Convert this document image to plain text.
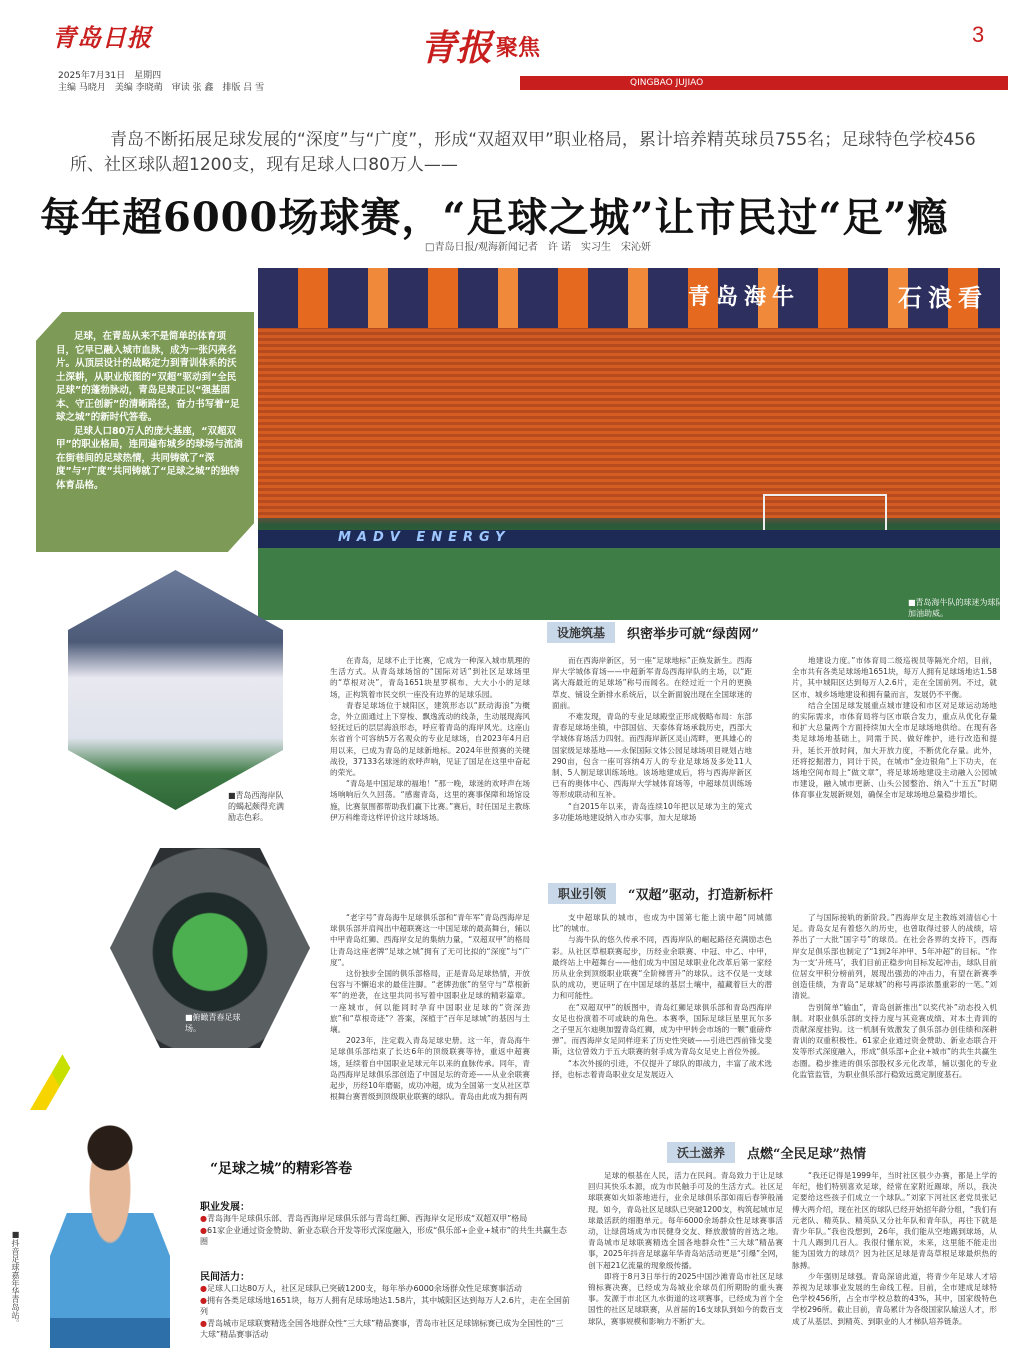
青岛日报
2025年7月31日　星期四
主编 马晓月　美编 李晓萌　审读 张 鑫　排版 吕 雪
青报 聚焦
QINGBAO JUJIAO
3
青岛不断拓展足球发展的“深度”与“广度”，形成“双超双甲”职业格局，累计培养精英球员755名；足球特色学校456所、社区球队超1200支，现有足球人口80万人——
每年超6000场球赛，“足球之城”让市民过“足”瘾
□青岛日报/观海新闻记者　许 诺　实习生　宋沁妍
青岛海牛	石浪看
MADV ENERGY
■青岛海牛队的球迷为球队加油助威。

足球，在青岛从来不是简单的体育项目，它早已融入城市血脉，成为一张闪亮名片。从顶层设计的战略定力到青训体系的沃土深耕，从职业版图的“双超”驱动到“全民足球”的蓬勃脉动，青岛足球正以“强基固本、守正创新”的清晰路径，奋力书写着“足球之城”的新时代答卷。

足球人口80万人的庞大基座，“双超双甲”的职业格局，连同遍布城乡的球场与流淌在街巷间的足球热情，共同铸就了“深度”与“广度”共同铸就了“足球之城”的独特体育品格。

■青岛西海岸队的蝎起颇得充满励志色彩。
■俯瞰青春足球场。
设施筑基	织密举步可就“绿茵网”

在青岛，足球不止于比赛，它成为一种深入城市肌理的生活方式。从青岛球场馆的“国际对话”到社区足球场里的“草根对决”，青岛1651块星罗棋布、大大小小的足球场，正构筑着市民交织一座没有边界的足球乐园。

青春足球场位于城阳区，建筑形态以“跃动海浪”为概念，外立面通过上下穿梭、飘逸流动的线条，生动展现海风轻抚过后的层层海浪形态，呼应着青岛的海岸风光。这座山东省首个可容纳5万名观众的专业足球场，自2023年4月启用以来，已成为青岛的足球新地标。2024年世预赛的关键战役，37133名球迷的欢呼声响，见证了国足在这里中奋起的荣光。

“青岛是中国足球的福地！”那一晚，球迷的欢呼声在场场响响后久久回荡。“感谢青岛，这里的赛事保障和场馆设施，比赛氛围都帮助我们赢下比赛。”赛后，时任国足主教练伊万科维奇这样评价这片球场场。

而在西海岸新区，另一座“足球地标”正焕发新生。西海岸大学城体育场——中超新军青岛西海岸队的主场，以“距离大海最近的足球场”称号而闻名。在经过近一个月的更换草皮、铺设全新排水系统后，以全新面貌出现在全国球迷的面前。

不难发现，青岛的专业足球殿堂正形成极略布局：东部青春足球场坐镇，中部国信、天泰体育场承载历史，西部大学城体育场活力四射。而西海岸新区灵山湾畔，更具雄心的国家级足球基地——永保国际文体公园足球场项目规划占地290亩，包含一座可容纳4万人的专业足球场及多处11人制、5人制足球训练场地。该场地建成后，将与西海岸新区已有的奥体中心、西海岸大学城体育场等，中超球员训练场等形成联动和互补。

“自2015年以来，青岛连续10年把以足球为主的笼式多功能场地建设纳入市办实事，加大足球场

地建设力度。”市体育局二级巡视员等隔光介绍，目前，全市共有各类足球场地1651块，每万人拥有足球场地达1.58片，其中城阳区达到每万人2.6片，走在全国前列。不过，就区市、城乡场地建设和拥有量而言，发展仍不平衡。

结合全国足球发展重点城市建设和市区对足球运动场地的实际需求，市体育局将与区市联合发力，重点从优化存量和扩大总量两个方面持续加大全市足球场地供给。在现有各类足球场地基础上，同需于民、做好维护，进行改造和提升，延长开放时间，加大开放力度，不断优化存量。此外，还将挖掘潜力，同计于民，在城市“金边银角”上下功夫，在场地空间布局上“做文章”，将足球场地建设主动融入公园城市建设，融入城市更新、山头公园整治、纳入“十五五”时期体育事业发展新规划，确保全市足球场地总量稳步增长。

职业引领	“双超”驱动，打造新标杆

“老字号”青岛海牛足球俱乐部和“青年军”青岛西海岸足球俱乐部并肩闯出中超联赛这一中国足球的最高舞台，辅以中甲青岛红狮、西海岸女足的集纳力量，“双超双甲”的格局让青岛这座老牌“足球之城”拥有了无可比拟的“深度”与“广度”。

这份独步全国的俱乐部格局，正是青岛足球热情，开放包容与不懈追求的最佳注脚。“老牌劲旅”的坚守与“草根新军”的逆袭，在这里共同书写着中国职业足球的精彩篇章。一座城市，何以能同时孕育中国职业足球的“资深劲旅”和“草根奇迹”？答案，深植于“百年足球城”的基因与土壤。

2023年，注定载入青岛足球史册。这一年，青岛海牛足球俱乐部结束了长达6年的顶级联赛等待，重返中超赛场，延续着自中国职业足球元年以来的血脉传承。同年，青岛西海岸足球俱乐部创造了中国足坛的奇迹——从业余联赛起步，历经10年磨砺，成功冲超，成为全国第一支从社区草根舞台赛晋级到顶级职业联赛的球队。青岛由此成为拥有两

支中超球队的城市，也成为中国第七能上演中超“同城德比”的城市。

与海牛队的悠久传承不同，西海岸队的崛起路径充满励志色彩。从社区草根联赛起步，历经业余联赛、中冠、中乙、中甲，最终站上中超舞台——他们成为中国足球职业化改革后第一家经历从业余到顶级职业联赛“全阶梯晋升”的球队。这不仅是一支球队的成功，更证明了在中国足球的基层土壤中，蕴藏着巨大的潜力和可能性。

在“双超双甲”的版图中，青岛红狮足球俱乐部和青岛西海岸女足也扮演着不可或缺的角色。本赛季，国际足球巨星里瓦尔多之子里瓦尔迪奥加盟青岛红狮，成为中甲转会市场的一颗“重磅炸弹”。而西海岸女足同样迎来了历史性突破——引进巴西前锋戈斐斯，这位曾效力于五大联赛的射手成为青岛女足史上首位外援。

“本次外援的引进，不仅提升了球队的即战力，丰富了战术选择，也标志着青岛职业女足发展迈入

了与国际接轨的新阶段。”西海岸女足主教练刘清信心十足。青岛女足有着悠久的历史，也曾取得过骄人的战绩，培养出了一大批“国字号”的球员。在社会各界的支持下，西海岸女足俱乐部也制定了“1到2年冲甲、5年冲超”的目标。“作为一支‘升班马’，我们目前正稳步向目标发起冲击，球队目前位居女甲积分榜前列，展现出强劲的冲击力，有望在新赛季创造佳绩，为青岛“足球城”的称号再添浓墨重彩的一笔。”刘清说。

告别简单“输血”，青岛创新推出“以奖代补”动态投入机制。对职业俱乐部的支持力度与其竞赛成绩、对本土青训的贡献深度挂钩。这一机制有效激发了俱乐部办创佳绩和深耕青训的双重积极性。61家企业通过资金赞助、新业态联合开发等形式深度融入，形成“俱乐部+企业+城市”的共生共赢生态圈。稳步推进的俱乐部股权多元化改革，辅以强化的专业化监管监管，为职业俱乐部行稳致远奠定制度基石。

沃土滋养	点燃“全民足球”热情

足球的根基在人民，活力在民间。青岛致力于让足球回归其快乐本源，成为市民触手可及的生活方式。社区足球联赛如火如荼地进行，业余足球俱乐部如雨后春笋般涌现。如今，青岛社区足球队已突破1200支，构筑起城市足球最活跃的细胞单元。每年6000余场群众性足球赛事活动，让绿茵场成为市民健身交友、释放激情的首选之地。青岛城市足球联赛精选全国各地群众性“三大球”精品赛事，2025年抖音足球嘉年华青岛站活动更是“引爆”全网，创下超21亿流量的现象级传播。

即将于8月3日举行的2025中国沙滩青岛市社区足球锦标赛决赛，已经成为岛城业余球员们所期盼的重头赛事。发源于市北区九水街道的这项赛事，已经成为首个全国性的社区足球联赛，从首届的16支球队到如今的数百支球队，赛事规模和影响力不断扩大。

“我还记得是1999年，当时社区很少办赛，都是上学的年纪，他们特别喜欢足球，经常在家附近踢球，所以，我决定要给这些孩子们成立一个球队。”刘家下河社区老党员张记傅大两介绍，现在社区的球队已经开始招年龄分组，“我们有元老队、精英队、精英队又分社年队和青年队，再往下就是青少年队。”我也没想到，26年，我们能从空地踢到球场，从十几人踢到几百人。我很付懂东说，未来，这里能不能走出能为国效力的球员？因为社区足球是青岛草根足球最炽热的脉搏。

少年强则足球强。青岛深谙此道，将青少年足球人才培养视为足球事业发展的生命线工程。目前，全市建成足球特色学校456所，占全市学校总数的43%，其中，国家级特色学校296所。截止目前，青岛累计为各级国家队输送人才，形成了从基层、到精英、到职业的人才梯队培养链条。

■抖音足球嘉年华青岛站。
“足球之城”的精彩答卷
职业发展：
●青岛海牛足球俱乐部、青岛西海岸足球俱乐部与青岛红狮、西海岸女足形成“双超双甲”格局
●61家企业通过资金赞助、新业态联合开发等形式深度融入，形成“俱乐部+企业+城市”的共生共赢生态圈
民间活力：
●足球人口达80万人，社区足球队已突破1200支，每年举办6000余场群众性足球赛事活动
●拥有各类足球场地1651块，每万人拥有足球场地达1.58片，其中城阳区达到每万人2.6片，走在全国前列
●青岛城市足球联赛精选全国各地群众性“三大球”精品赛事，青岛市社区足球锦标赛已成为全国性的“三大球”精品赛事活动
